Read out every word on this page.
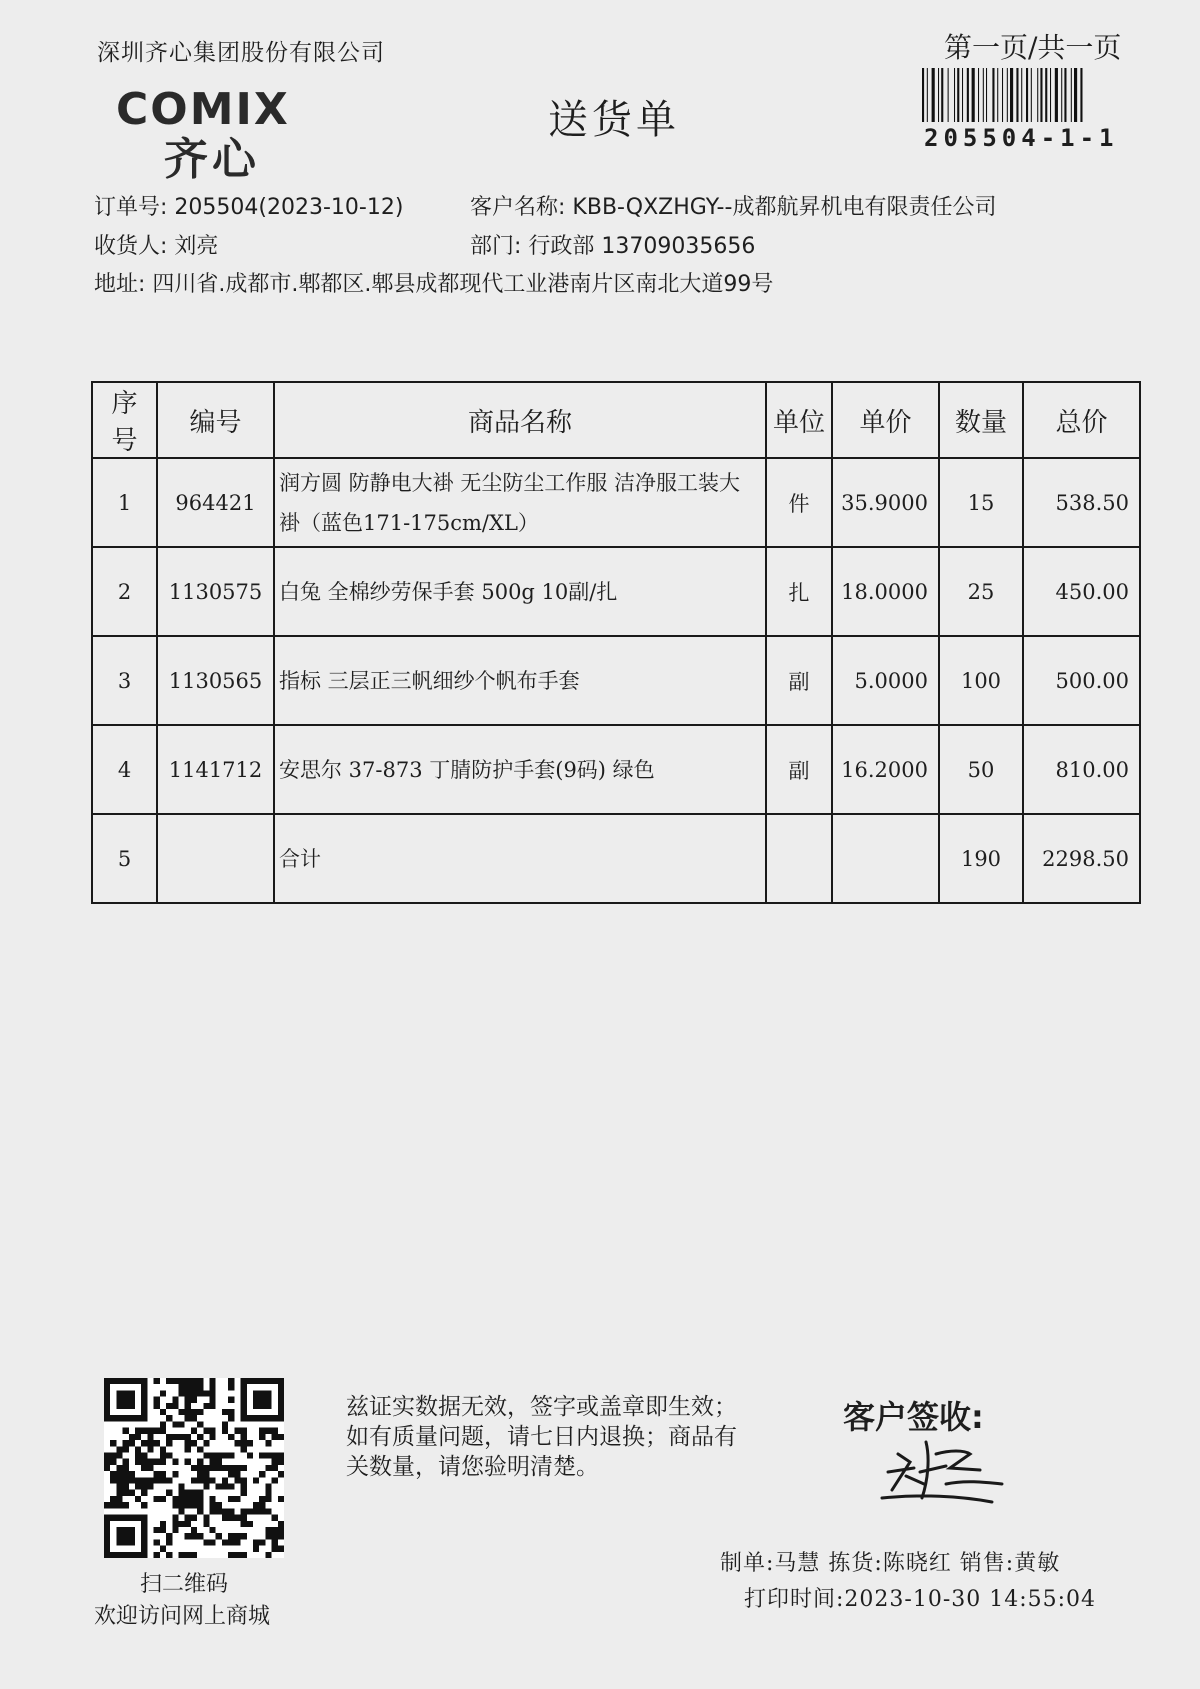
深圳齐心集团股份有限公司	第一页/共一页
205504-1-1
COMIX
齐心
送货单
订单号: 205504(2023-10-12)	客户名称: KBB-QXZHGY--成都航昇机电有限责任公司
收货人: 刘亮	部门: 行政部 13709035656
地址: 四川省.成都市.郫都区.郫县成都现代工业港南片区南北大道99号
序号	编号	商品名称	单位	单价	数量	总价
1	964421	润方圆 防静电大褂 无尘防尘工作服 洁净服工装大褂（蓝色171-175cm/XL）	件	35.9000	15	538.50
2	1130575	白兔 全棉纱劳保手套 500g 10副/扎	扎	18.0000	25	450.00
3	1130565	指标 三层正三帆细纱个帆布手套	副	5.0000	100	500.00
4	1141712	安思尔 37-873 丁腈防护手套(9码) 绿色	副	16.2000	50	810.00
5		合计			190	2298.50
扫二维码
欢迎访问网上商城
兹证实数据无效，签字或盖章即生效；如有质量问题，请七日内退换；商品有关数量，请您验明清楚。
客户签收:
制单:马慧 拣货:陈晓红 销售:黄敏
打印时间:2023-10-30 14:55:04
